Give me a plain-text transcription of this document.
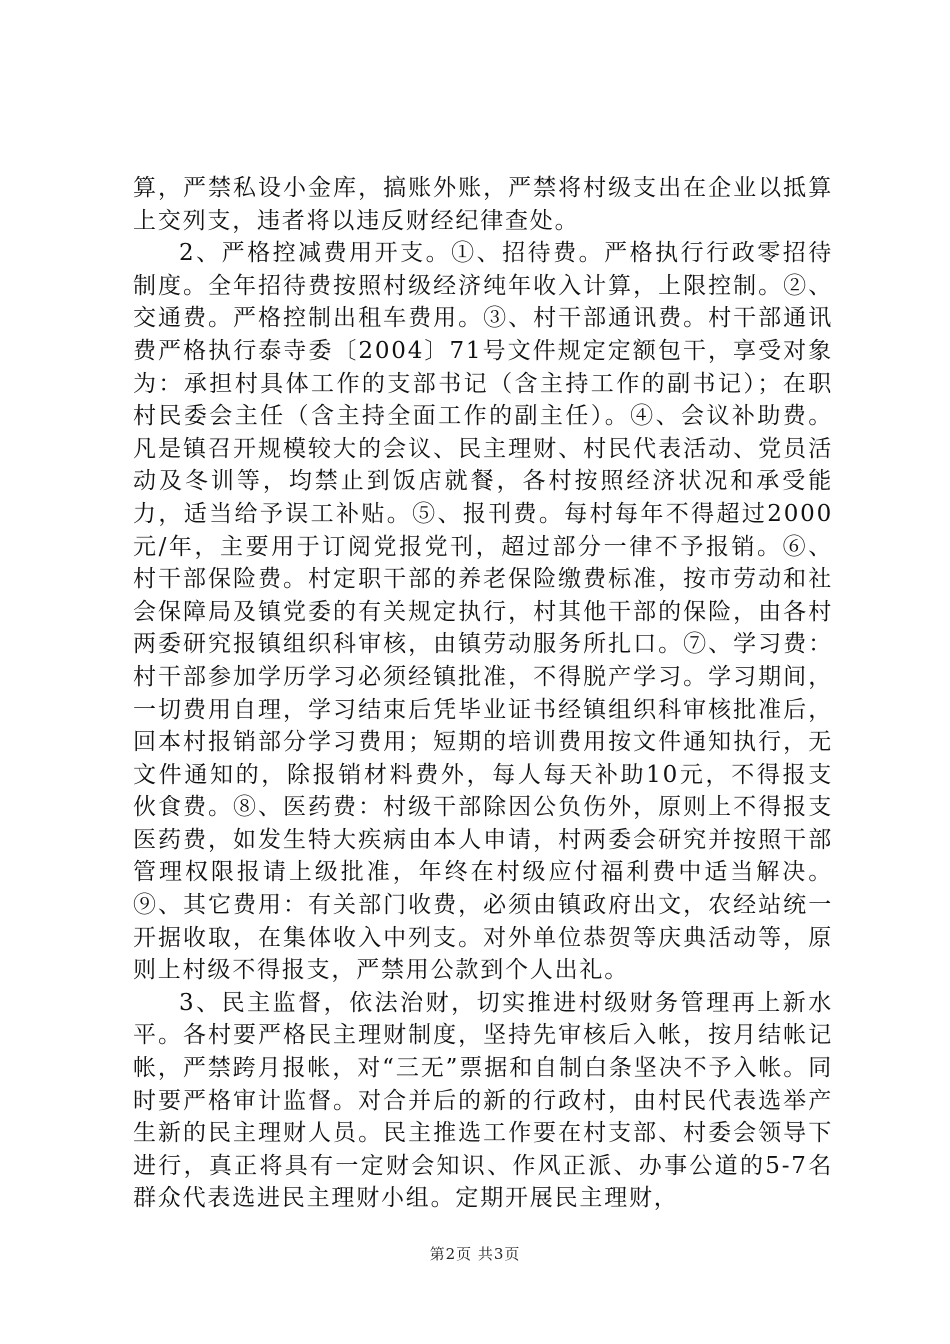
算，严禁私设小金库，搞账外账，严禁将村级支出在企业以抵算上交列支，违者将以违反财经纪律查处。

2、严格控减费用开支。①、招待费。严格执行行政零招待制度。全年招待费按照村级经济纯年收入计算，上限控制。②、交通费。严格控制出租车费用。③、村干部通讯费。村干部通讯费严格执行泰寺委〔2004〕71号文件规定定额包干，享受对象为：承担村具体工作的支部书记（含主持工作的副书记）；在职村民委会主任（含主持全面工作的副主任）。④、会议补助费。凡是镇召开规模较大的会议、民主理财、村民代表活动、党员活动及冬训等，均禁止到饭店就餐，各村按照经济状况和承受能力，适当给予误工补贴。⑤、报刊费。每村每年不得超过2000元/年，主要用于订阅党报党刊，超过部分一律不予报销。⑥、村干部保险费。村定职干部的养老保险缴费标准，按市劳动和社会保障局及镇党委的有关规定执行，村其他干部的保险，由各村两委研究报镇组织科审核，由镇劳动服务所扎口。⑦、学习费：村干部参加学历学习必须经镇批准，不得脱产学习。学习期间，一切费用自理，学习结束后凭毕业证书经镇组织科审核批准后，回本村报销部分学习费用；短期的培训费用按文件通知执行，无文件通知的，除报销材料费外，每人每天补助10元，不得报支伙食费。⑧、医药费：村级干部除因公负伤外，原则上不得报支医药费，如发生特大疾病由本人申请，村两委会研究并按照干部管理权限报请上级批准，年终在村级应付福利费中适当解决。⑨、其它费用：有关部门收费，必须由镇政府出文，农经站统一开据收取，在集体收入中列支。对外单位恭贺等庆典活动等，原则上村级不得报支，严禁用公款到个人出礼。

3、民主监督，依法治财，切实推进村级财务管理再上新水平。各村要严格民主理财制度，坚持先审核后入帐，按月结帐记帐，严禁跨月报帐，对“三无”票据和自制白条坚决不予入帐。同时要严格审计监督。对合并后的新的行政村，由村民代表选举产生新的民主理财人员。民主推选工作要在村支部、村委会领导下进行，真正将具有一定财会知识、作风正派、办事公道的5-7名群众代表选进民主理财小组。定期开展民主理财，

第2页 共3页
